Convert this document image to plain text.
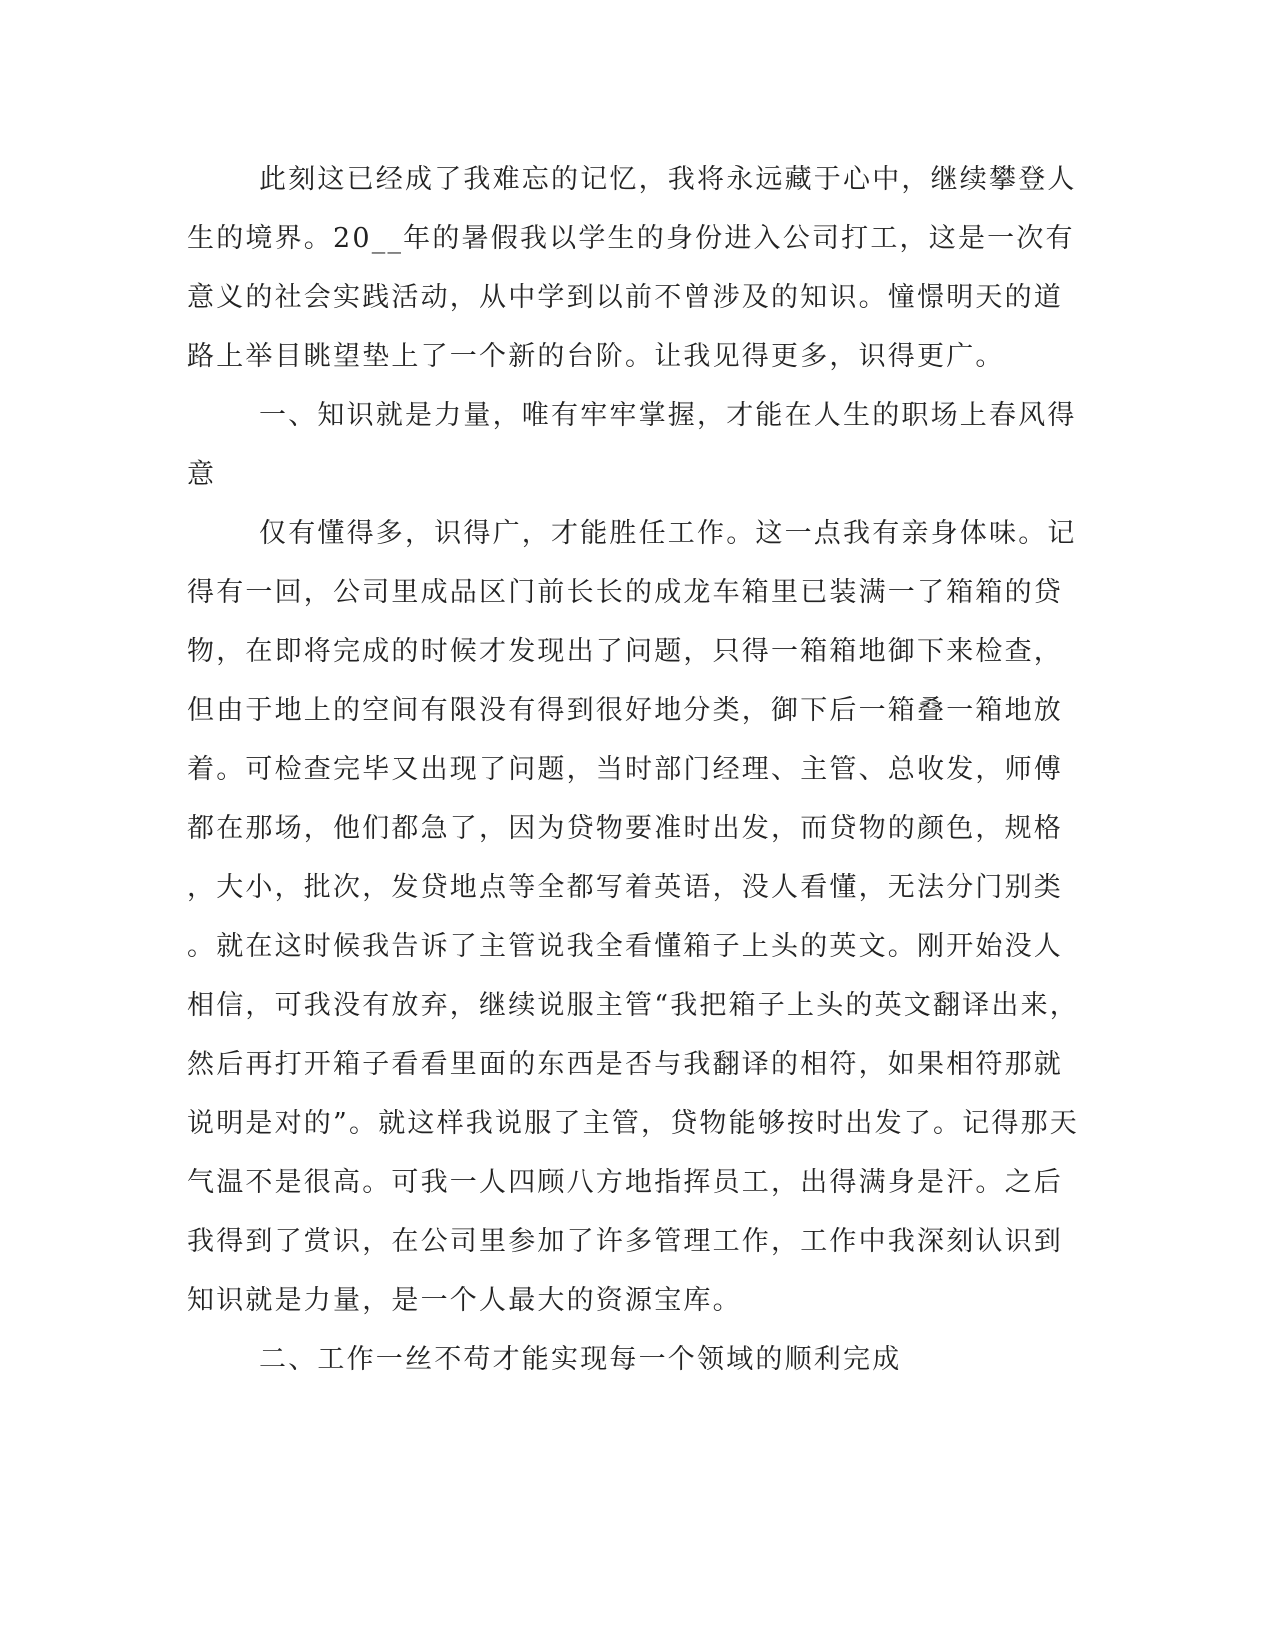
此刻这已经成了我难忘的记忆，我将永远藏于心中，继续攀登人
生的境界。20__年的暑假我以学生的身份进入公司打工，这是一次有
意义的社会实践活动，从中学到以前不曾涉及的知识。憧憬明天的道
路上举目眺望垫上了一个新的台阶。让我见得更多，识得更广。
一、知识就是力量，唯有牢牢掌握，才能在人生的职场上春风得
意
仅有懂得多，识得广，才能胜任工作。这一点我有亲身体味。记
得有一回，公司里成品区门前长长的成龙车箱里已装满一了箱箱的贷
物，在即将完成的时候才发现出了问题，只得一箱箱地御下来检查，
但由于地上的空间有限没有得到很好地分类，御下后一箱叠一箱地放
着。可检查完毕又出现了问题，当时部门经理、主管、总收发，师傅
都在那场，他们都急了，因为贷物要准时出发，而贷物的颜色，规格
，大小，批次，发贷地点等全都写着英语，没人看懂，无法分门别类
。就在这时候我告诉了主管说我全看懂箱子上头的英文。刚开始没人
相信，可我没有放弃，继续说服主管“我把箱子上头的英文翻译出来，
然后再打开箱子看看里面的东西是否与我翻译的相符，如果相符那就
说明是对的”。就这样我说服了主管，贷物能够按时出发了。记得那天
气温不是很高。可我一人四顾八方地指挥员工，出得满身是汗。之后
我得到了赏识，在公司里参加了许多管理工作，工作中我深刻认识到
知识就是力量，是一个人最大的资源宝库。
二、工作一丝不苟才能实现每一个领域的顺利完成
